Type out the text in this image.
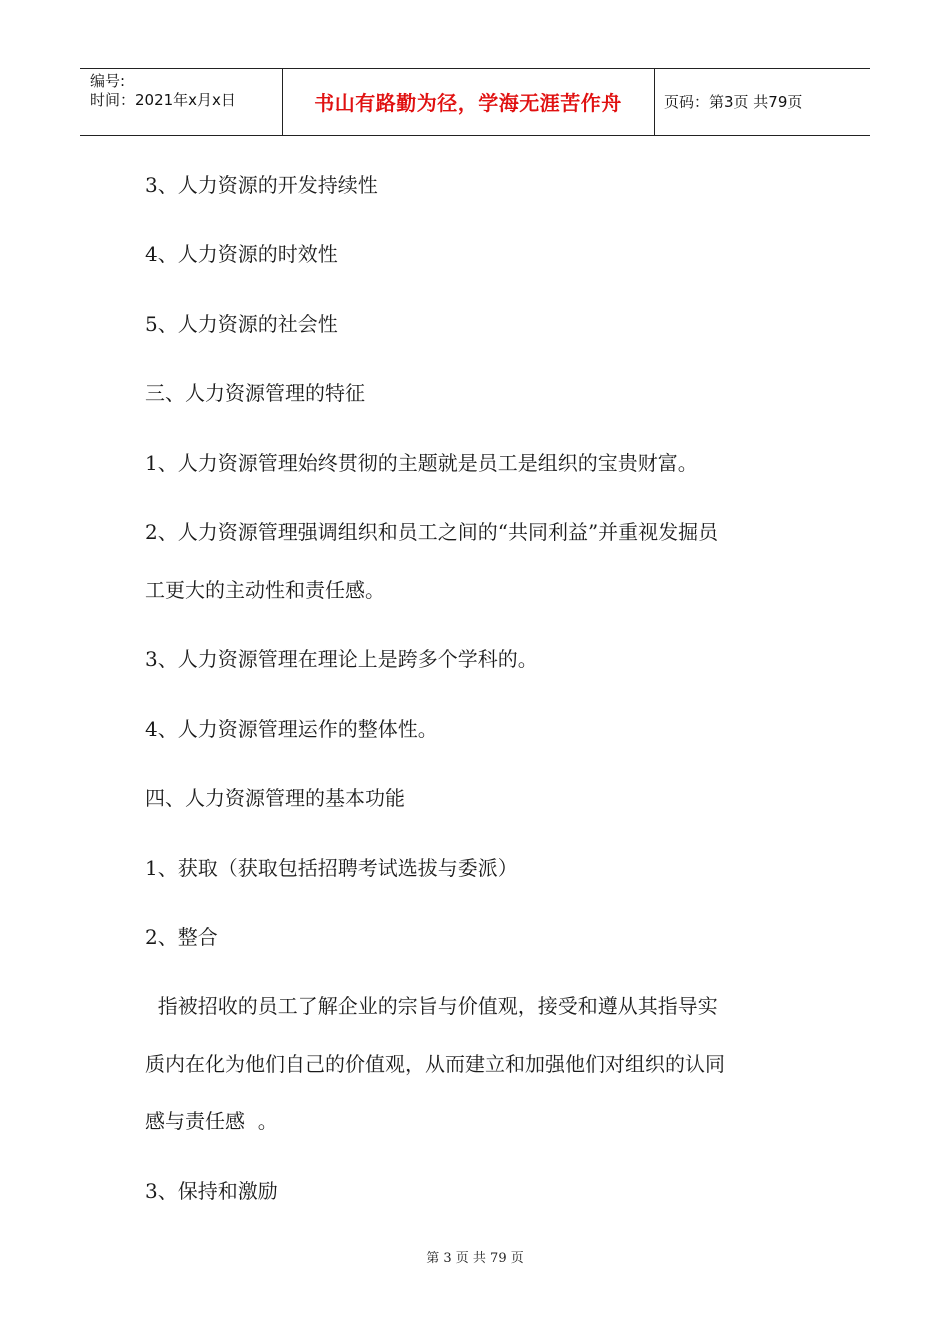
编号:
时间：2021年x月x日	书山有路勤为径，学海无涯苦作舟	页码：第3页 共79页
3、人力资源的开发持续性
4、人力资源的时效性
5、人力资源的社会性
三、人力资源管理的特征
1、人力资源管理始终贯彻的主题就是员工是组织的宝贵财富。
2、人力资源管理强调组织和员工之间的“共同利益”并重视发掘员
工更大的主动性和责任感。
3、人力资源管理在理论上是跨多个学科的。
4、人力资源管理运作的整体性。
四、人力资源管理的基本功能
1、获取（获取包括招聘考试选拔与委派）
2、整合
指被招收的员工了解企业的宗旨与价值观，接受和遵从其指导实
质内在化为他们自己的价值观，从而建立和加强他们对组织的认同
感与责任感  。
3、保持和激励
第 3 页 共 79 页
